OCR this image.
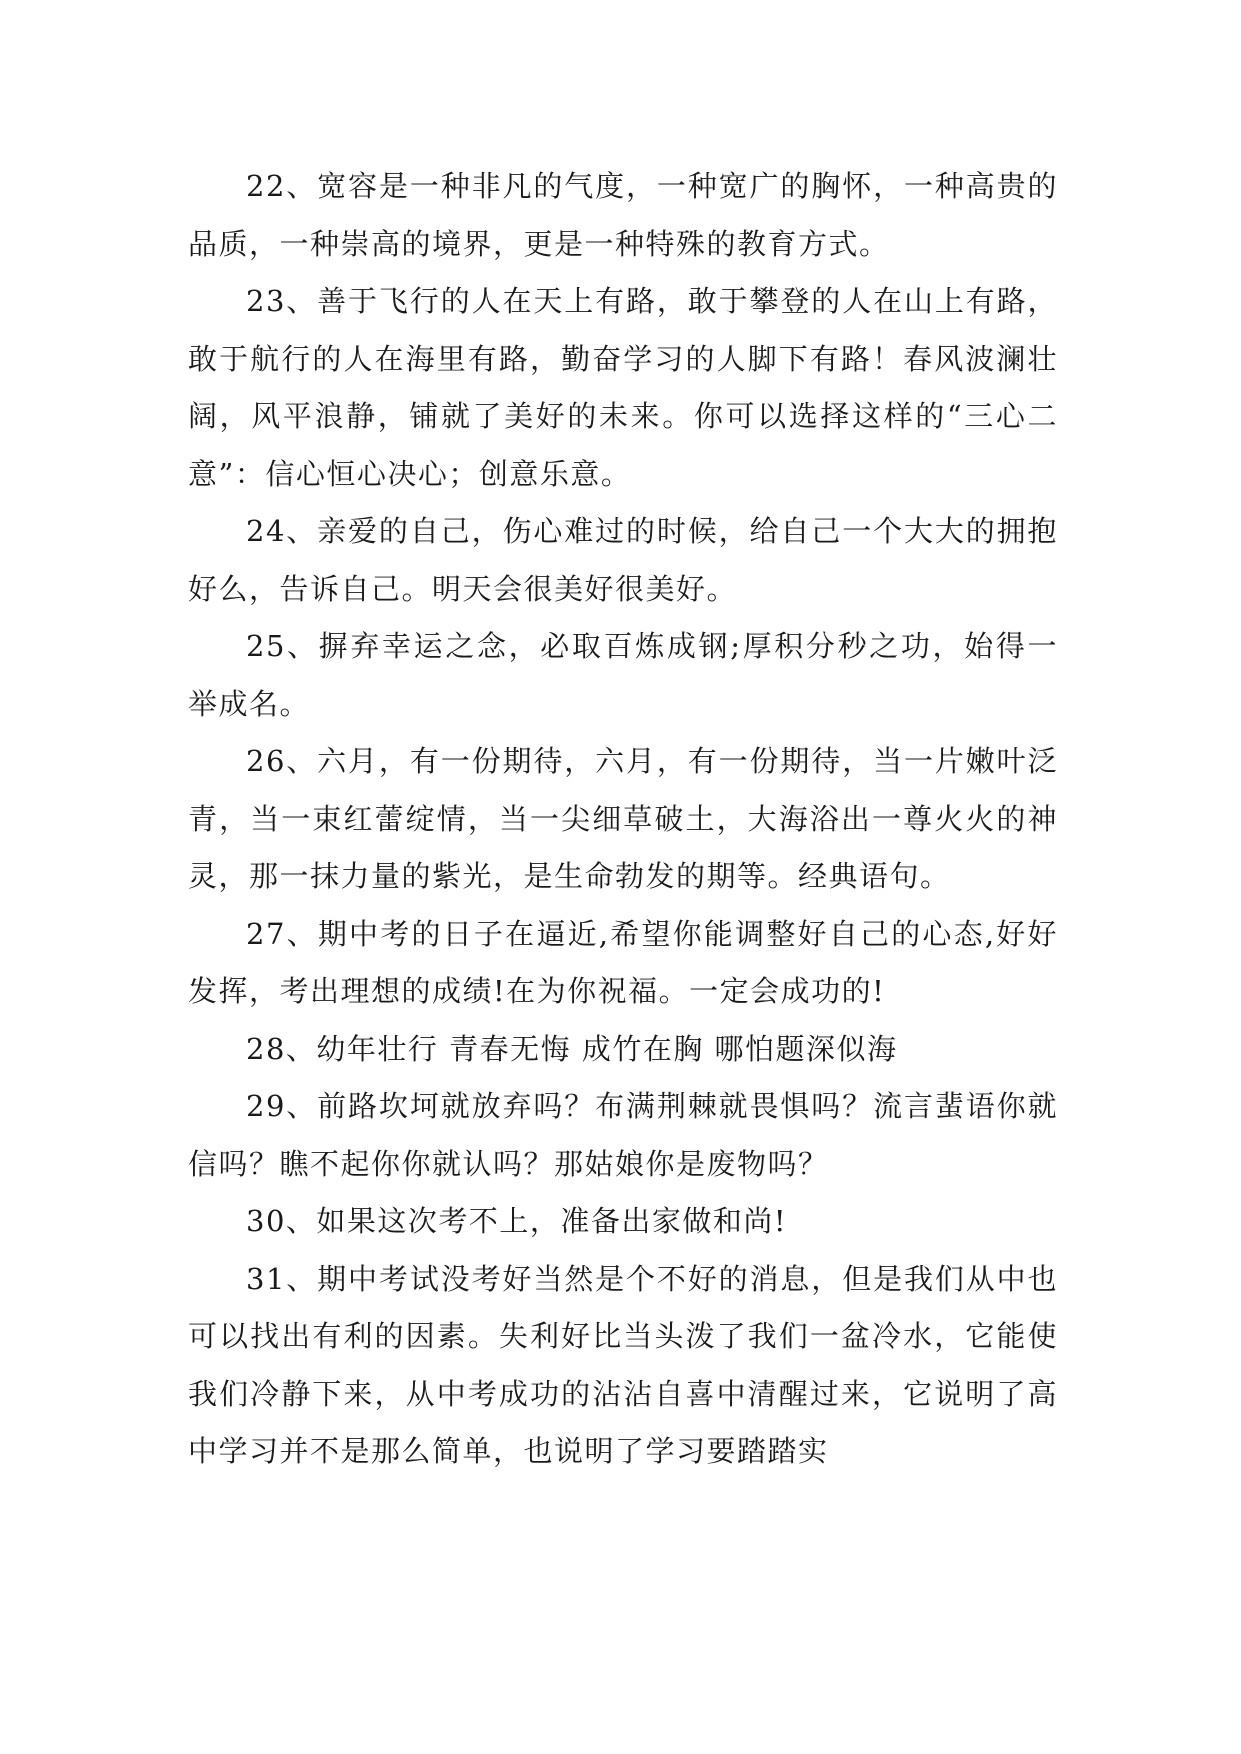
22、宽容是一种非凡的气度，一种宽广的胸怀，一种高贵的品质，一种崇高的境界，更是一种特殊的教育方式。

23、善于飞行的人在天上有路，敢于攀登的人在山上有路，敢于航行的人在海里有路，勤奋学习的人脚下有路！春风波澜壮阔，风平浪静，铺就了美好的未来。你可以选择这样的“三心二意”：信心恒心决心；创意乐意。

24、亲爱的自己，伤心难过的时候，给自己一个大大的拥抱好么，告诉自己。明天会很美好很美好。

25、摒弃幸运之念，必取百炼成钢;厚积分秒之功，始得一举成名。

26、六月，有一份期待，六月，有一份期待，当一片嫩叶泛青，当一束红蕾绽情，当一尖细草破土，大海浴出一尊火火的神灵，那一抹力量的紫光，是生命勃发的期等。经典语句。

27、期中考的日子在逼近,希望你能调整好自己的心态,好好发挥，考出理想的成绩!在为你祝福。一定会成功的!

28、幼年壮行 青春无悔 成竹在胸 哪怕题深似海

29、前路坎坷就放弃吗？布满荆棘就畏惧吗？流言蜚语你就信吗？瞧不起你你就认吗？那姑娘你是废物吗？

30、如果这次考不上，准备出家做和尚!

31、期中考试没考好当然是个不好的消息，但是我们从中也可以找出有利的因素。失利好比当头泼了我们一盆冷水，它能使我们冷静下来，从中考成功的沾沾自喜中清醒过来，它说明了高中学习并不是那么简单，也说明了学习要踏踏实
